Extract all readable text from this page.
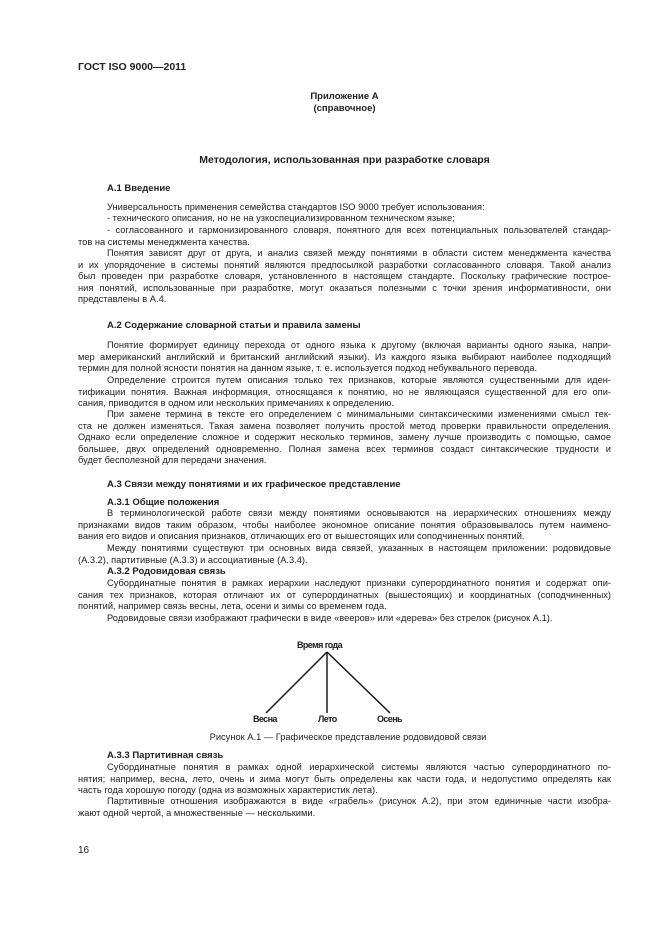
ГОСТ ISO 9000—2011
Приложение А
(справочное)
Методология, использованная при разработке словаря
А.1 Введение
Универсальность применения семейства стандартов ISO 9000 требует использования:
- технического описания, но не на узкоспециализированном техническом языке;
- согласованного и гармонизированного словаря, понятного для всех потенциальных пользователей стандар-
тов на системы менеджмента качества.
Понятия зависят друг от друга, и анализ связей между понятиями в области систем менеджмента качества
и их упорядочение в системы понятий являются предпосылкой разработки согласованного словаря. Такой анализ
был проведен при разработке словаря, установленного в настоящем стандарте. Поскольку графические построе-
ния понятий, использованные при разработке, могут оказаться полезными с точки зрения информативности, они
представлены в А.4.
А.2 Содержание словарной статьи и правила замены
Понятие формирует единицу перехода от одного языка к другому (включая варианты одного языка, напри-
мер американский английский и британский английский языки). Из каждого языка выбирают наиболее подходящий
термин для полной ясности понятия на данном языке, т. е. используется подход небуквального перевода.
Определение строится путем описания только тех признаков, которые являются существенными для иден-
тификации понятия. Важная информация, относящаяся к понятию, но не являющаяся существенной для его опи-
сания, приводится в одном или нескольких примечаниях к определению.
При замене термина в тексте его определением с минимальными синтаксическими изменениями смысл тек-
ста не должен изменяться. Такая замена позволяет получить простой метод проверки правильности определения.
Однако если определение сложное и содержит несколько терминов, замену лучше производить с помощью, самое
большее, двух определений одновременно. Полная замена всех терминов создаст синтаксические трудности и
будет бесполезной для передачи значения.
А.3 Связи между понятиями и их графическое представление
А.3.1 Общие положения
В терминологической работе связи между понятиями основываются на иерархических отношениях между
признаками видов таким образом, чтобы наиболее экономное описание понятия образовывалось путем наимено-
вания его видов и описания признаков, отличающих его от вышестоящих или соподчиненных понятий.
Между понятиями существуют три основных вида связей, указанных в настоящем приложении: родовидовые
(А.3.2), партитивные (А.3.3) и ассоциативные (А.3.4).
А.3.2 Родовидовая связь
Субординатные понятия в рамках иерархии наследуют признаки суперординатного понятия и содержат опи-
сания тех признаков, которая отличают их от суперординатных (вышестоящих) и координатных (соподчиненных)
понятий, например связь весны, лета, осени и зимы со временем года.
Родовидовые связи изображают графически в виде «вееров» или «дерева» без стрелок (рисунок А.1).
А.3.3 Партитивная связь
Субординатные понятия в рамках одной иерархической системы являются частью суперординатного по-
нятия; например, весна, лето, очень и зима могут быть определены как части года, и недопустимо определять как
часть года хорошую погоду (одна из возможных характеристик лета).
Партитивные отношения изображаются в виде «грабель» (рисунок А.2), при этом единичные части изобра-
жают одной чертой, а множественные — несколькими.
Время года
Весна	Лето	Осень
Рисунок А.1 — Графическое представление родовидовой связи
16
